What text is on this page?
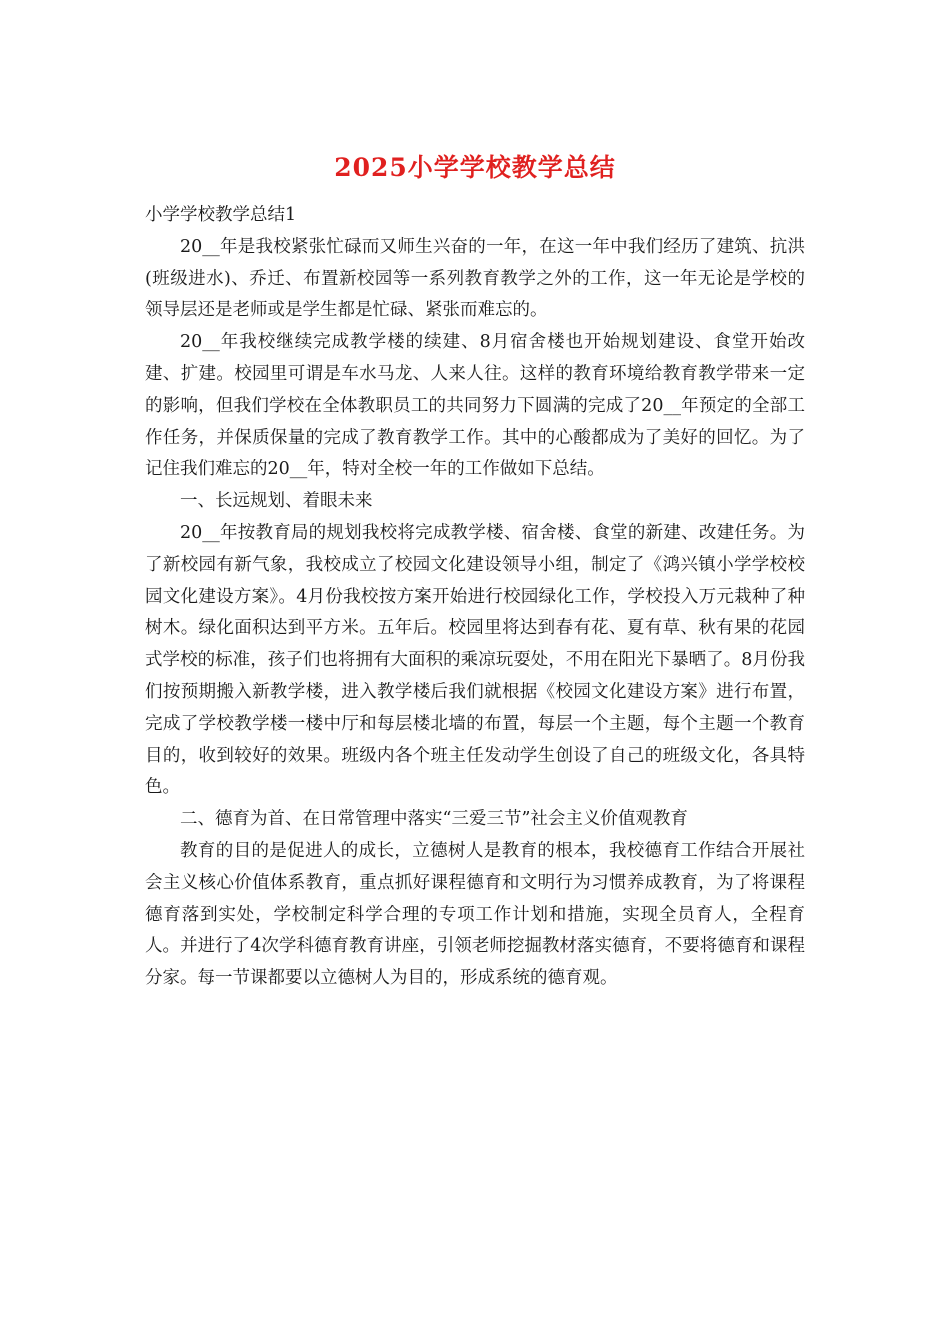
2025小学学校教学总结

小学学校教学总结1

20__年是我校紧张忙碌而又师生兴奋的一年，在这一年中我们经历了建筑、抗洪(班级进水)、乔迁、布置新校园等一系列教育教学之外的工作，这一年无论是学校的领导层还是老师或是学生都是忙碌、紧张而难忘的。

20__年我校继续完成教学楼的续建、8月宿舍楼也开始规划建设、食堂开始改建、扩建。校园里可谓是车水马龙、人来人往。这样的教育环境给教育教学带来一定的影响，但我们学校在全体教职员工的共同努力下圆满的完成了20__年预定的全部工作任务，并保质保量的完成了教育教学工作。其中的心酸都成为了美好的回忆。为了记住我们难忘的20__年，特对全校一年的工作做如下总结。

一、长远规划、着眼未来

20__年按教育局的规划我校将完成教学楼、宿舍楼、食堂的新建、改建任务。为了新校园有新气象，我校成立了校园文化建设领导小组，制定了《鸿兴镇小学学校校园文化建设方案》。4月份我校按方案开始进行校园绿化工作，学校投入万元栽种了种树木。绿化面积达到平方米。五年后。校园里将达到春有花、夏有草、秋有果的花园式学校的标准，孩子们也将拥有大面积的乘凉玩耍处，不用在阳光下暴晒了。8月份我们按预期搬入新教学楼，进入教学楼后我们就根据《校园文化建设方案》进行布置，完成了学校教学楼一楼中厅和每层楼北墙的布置，每层一个主题，每个主题一个教育目的，收到较好的效果。班级内各个班主任发动学生创设了自己的班级文化，各具特色。

二、德育为首、在日常管理中落实“三爱三节”社会主义价值观教育

教育的目的是促进人的成长，立德树人是教育的根本，我校德育工作结合开展社会主义核心价值体系教育，重点抓好课程德育和文明行为习惯养成教育，为了将课程德育落到实处，学校制定科学合理的专项工作计划和措施，实现全员育人，全程育人。并进行了4次学科德育教育讲座，引领老师挖掘教材落实德育，不要将德育和课程分家。每一节课都要以立德树人为目的，形成系统的德育观。
